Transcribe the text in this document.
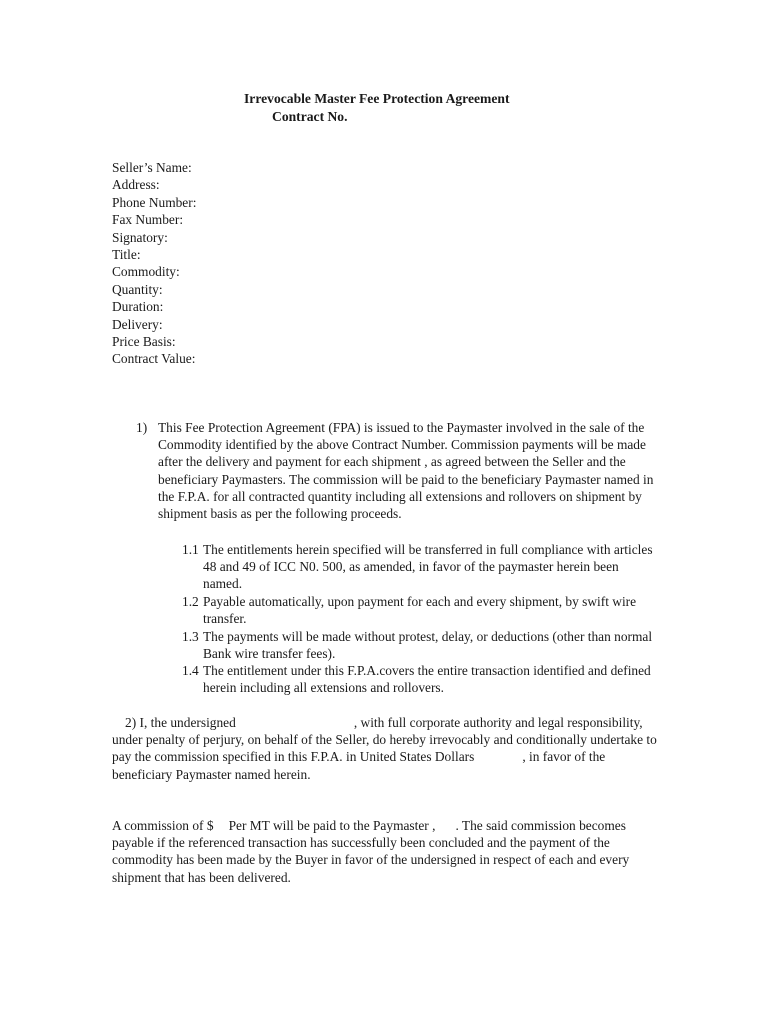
Irrevocable Master Fee Protection Agreement
Contract No.
Seller’s Name:
Address:
Phone Number:
Fax Number:
Signatory:
Title:
Commodity:
Quantity:
Duration:
Delivery:
Price Basis:
Contract Value:
1) This Fee Protection Agreement (FPA) is issued to the Paymaster involved in the sale of the Commodity identified by the above Contract Number. Commission payments will be made after the delivery and payment for each shipment , as agreed between the Seller and the beneficiary Paymasters. The commission will be paid to the beneficiary Paymaster named in the F.P.A. for all contracted quantity including all extensions and rollovers on shipment by shipment basis as per the following proceeds.
1.1 The entitlements herein specified will be transferred in full compliance with articles 48 and 49 of ICC N0. 500, as amended, in favor of the paymaster herein been named.
1.2 Payable automatically, upon payment for each and every shipment, by swift wire transfer.
1.3 The payments will be made without protest, delay, or deductions (other than normal Bank wire transfer fees).
1.4 The entitlement under this F.P.A.covers the entire transaction identified and defined herein including all extensions and rollovers.
2) I, the undersigned	, with full corporate authority and legal responsibility, under penalty of perjury, on behalf of the Seller, do hereby irrevocably and conditionally undertake to pay the commission specified in this F.P.A. in United States Dollars	, in favor of the beneficiary Paymaster named herein.
A commission of $ Per MT will be paid to the Paymaster , . The said commission becomes payable if the referenced transaction has successfully been concluded and the payment of the commodity has been made by the Buyer in favor of the undersigned in respect of each and every shipment that has been delivered.
